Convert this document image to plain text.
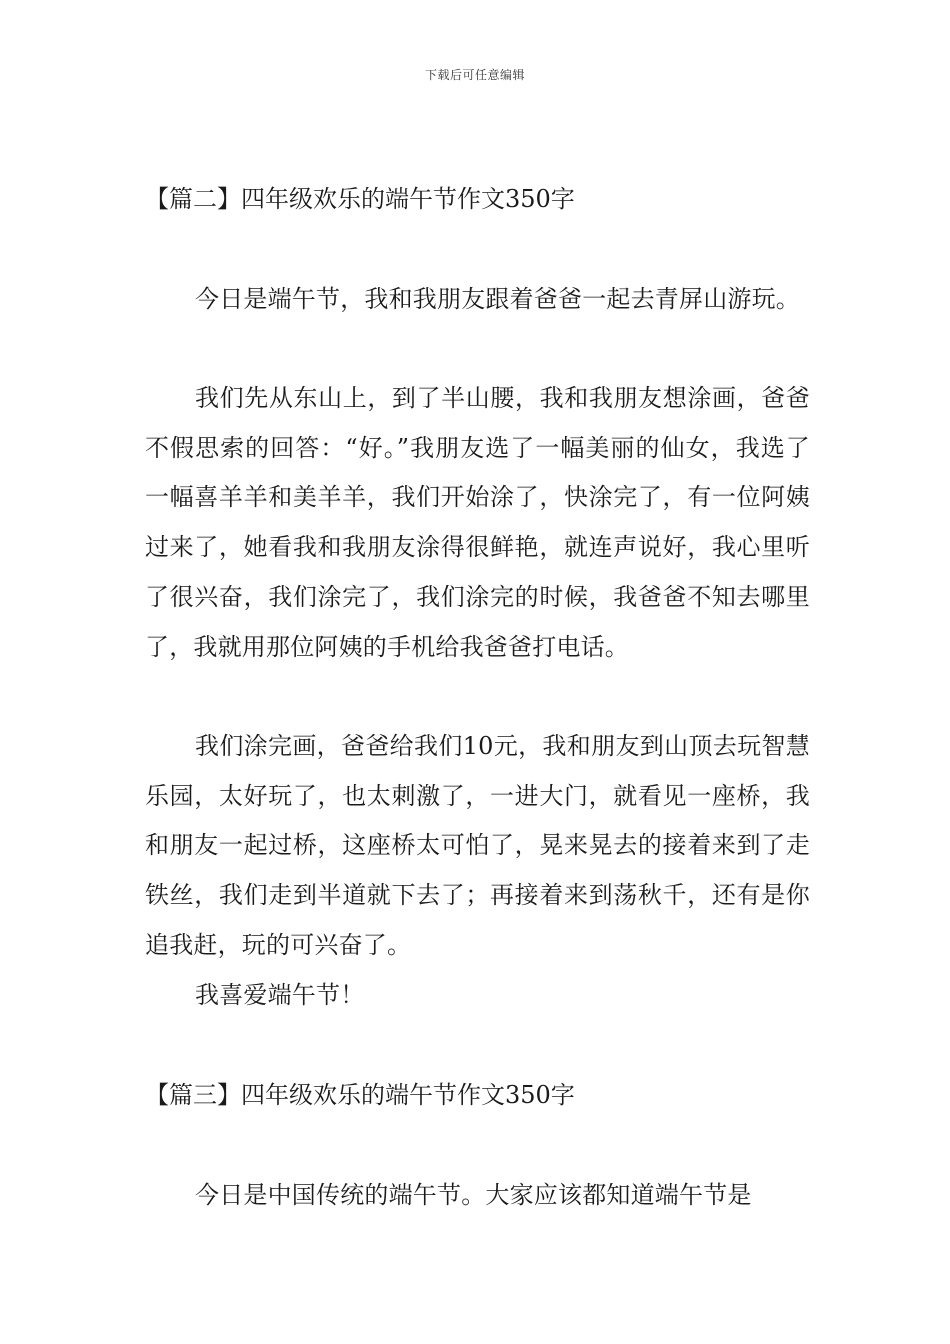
下载后可任意编辑
【篇二】四年级欢乐的端午节作文350字

今日是端午节，我和我朋友跟着爸爸一起去青屏山游玩。

我们先从东山上，到了半山腰，我和我朋友想涂画，爸爸不假思索的回答：“好。”我朋友选了一幅美丽的仙女，我选了一幅喜羊羊和美羊羊，我们开始涂了，快涂完了，有一位阿姨过来了，她看我和我朋友涂得很鲜艳，就连声说好，我心里听了很兴奋，我们涂完了，我们涂完的时候，我爸爸不知去哪里了，我就用那位阿姨的手机给我爸爸打电话。

我们涂完画，爸爸给我们10元，我和朋友到山顶去玩智慧乐园，太好玩了，也太刺激了，一进大门，就看见一座桥，我和朋友一起过桥，这座桥太可怕了，晃来晃去的接着来到了走铁丝，我们走到半道就下去了；再接着来到荡秋千，还有是你追我赶，玩的可兴奋了。

我喜爱端午节！

【篇三】四年级欢乐的端午节作文350字

今日是中国传统的端午节。大家应该都知道端午节是
